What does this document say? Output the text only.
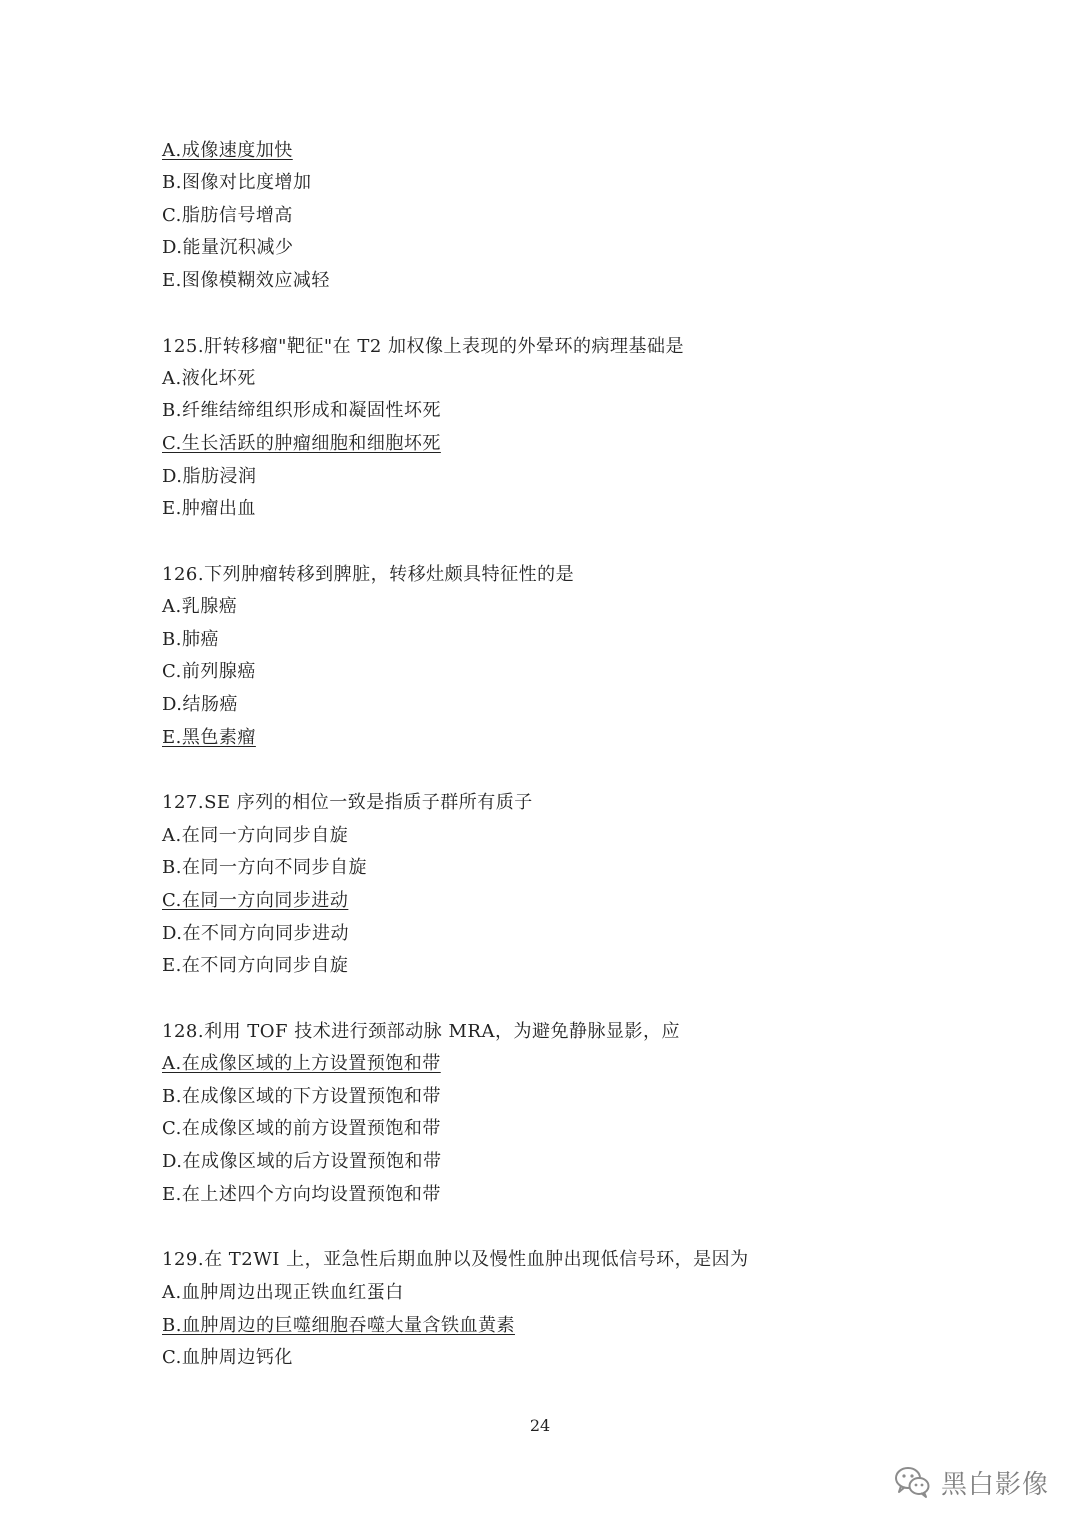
A.成像速度加快
B.图像对比度增加
C.脂肪信号增高
D.能量沉积减少
E.图像模糊效应减轻
125.肝转移瘤"靶征"在 T2 加权像上表现的外晕环的病理基础是
A.液化坏死
B.纤维结缔组织形成和凝固性坏死
C.生长活跃的肿瘤细胞和细胞坏死
D.脂肪浸润
E.肿瘤出血
126.下列肿瘤转移到脾脏，转移灶颇具特征性的是
A.乳腺癌
B.肺癌
C.前列腺癌
D.结肠癌
E.黑色素瘤
127.SE 序列的相位一致是指质子群所有质子
A.在同一方向同步自旋
B.在同一方向不同步自旋
C.在同一方向同步进动
D.在不同方向同步进动
E.在不同方向同步自旋
128.利用 TOF 技术进行颈部动脉 MRA，为避免静脉显影，应
A.在成像区域的上方设置预饱和带
B.在成像区域的下方设置预饱和带
C.在成像区域的前方设置预饱和带
D.在成像区域的后方设置预饱和带
E.在上述四个方向均设置预饱和带
129.在 T2WI 上，亚急性后期血肿以及慢性血肿出现低信号环，是因为
A.血肿周边出现正铁血红蛋白
B.血肿周边的巨噬细胞吞噬大量含铁血黄素
C.血肿周边钙化
24
黑白影像
